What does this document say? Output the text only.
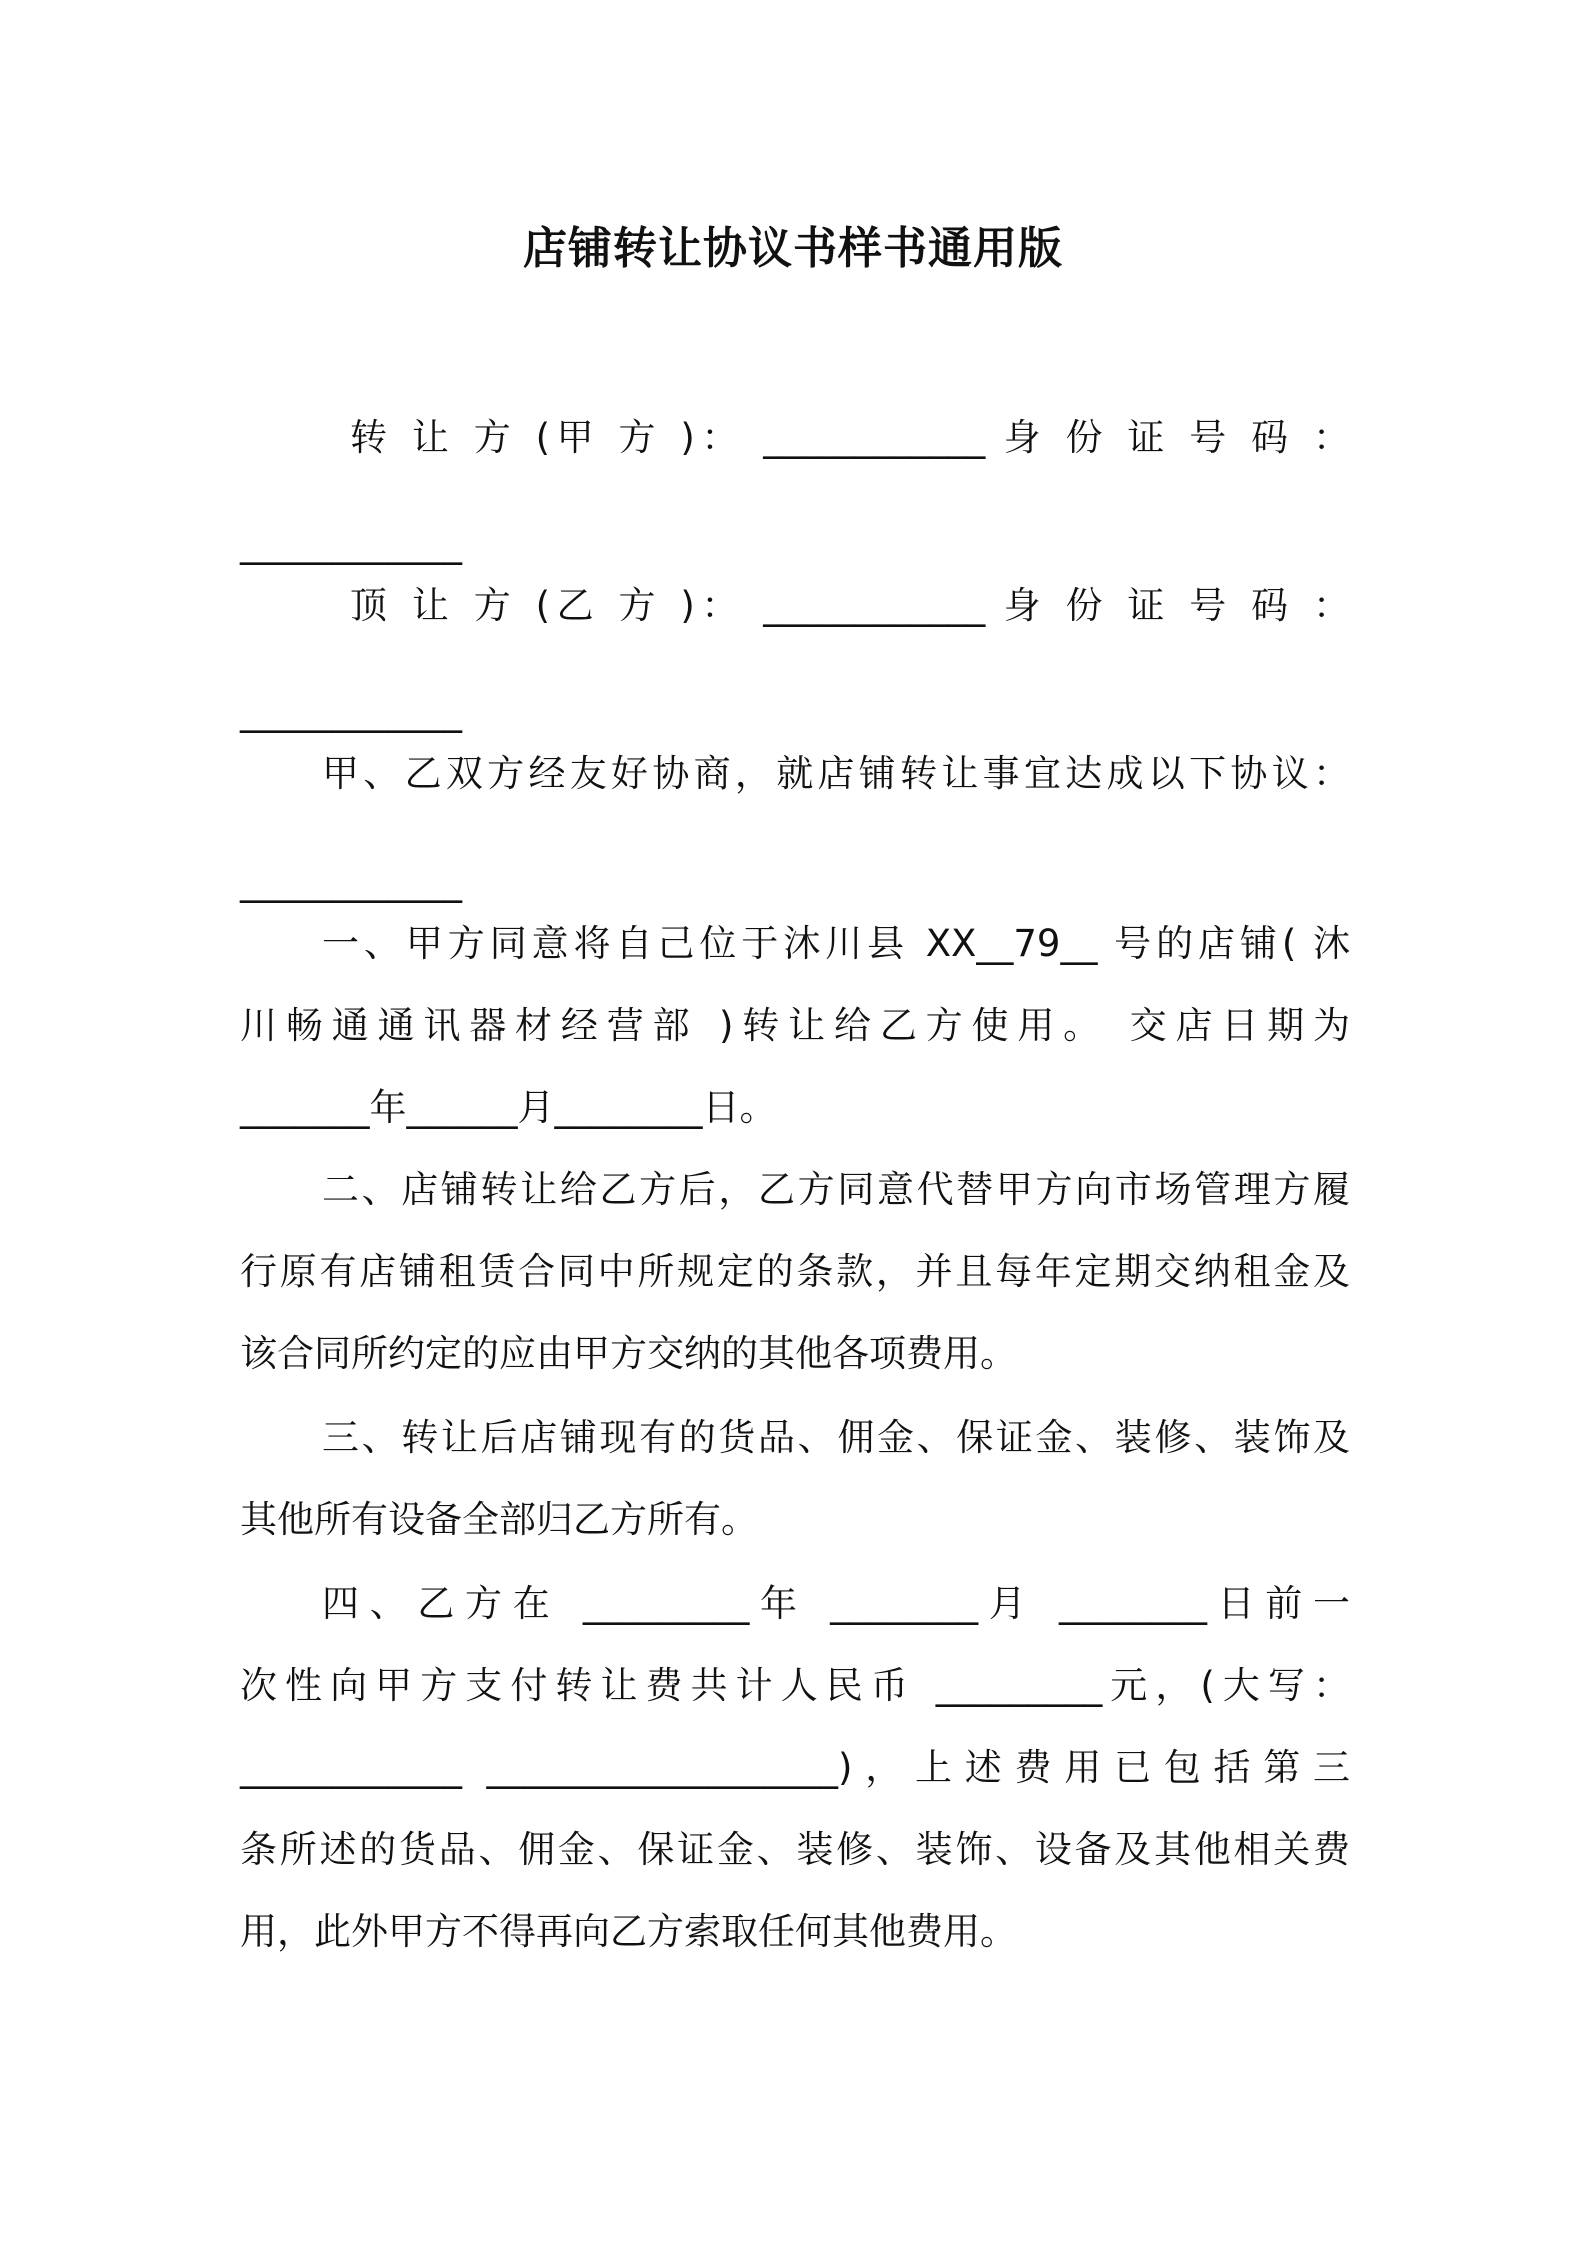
店铺转让协议书样书通用版
转 让 方 (甲 方 )： ____________ 身 份 证 号 码 ：
____________
顶 让 方 (乙 方 )： ____________ 身 份 证 号 码 ：
____________
甲、乙双方经友好协商，就店铺转让事宜达成以下协议：
____________
一、甲方同意将自己位于沐川县 XX__79__ 号的店铺( 沐
川畅通通讯器材经营部 )转让给乙方使用。 交店日期为
_______年______月________日。
二、店铺转让给乙方后，乙方同意代替甲方向市场管理方履
行原有店铺租赁合同中所规定的条款，并且每年定期交纳租金及
该合同所约定的应由甲方交纳的其他各项费用。
三、转让后店铺现有的货品、佣金、保证金、装修、装饰及
其他所有设备全部归乙方所有。
四、乙方在 _________年 ________月 ________日前一
次性向甲方支付转让费共计人民币 _________元，(大写：
____________ ___________________)，上述费用已包括第三
条所述的货品、佣金、保证金、装修、装饰、设备及其他相关费
用，此外甲方不得再向乙方索取任何其他费用。
